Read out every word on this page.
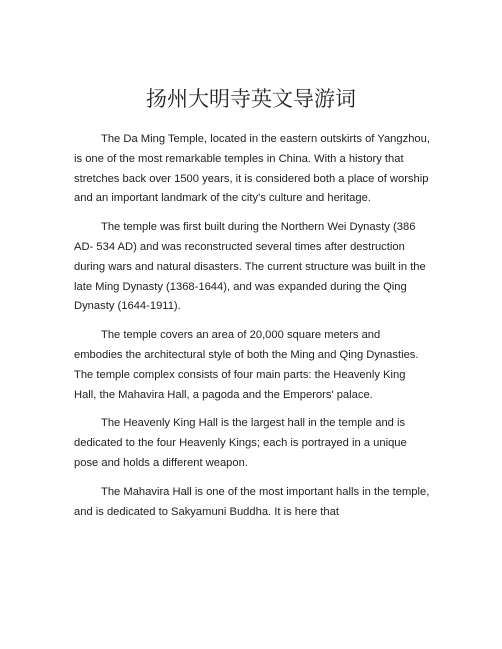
扬州大明寺英文导游词

The Da Ming Temple, located in the eastern outskirts of Yangzhou, is one of the most remarkable temples in China. With a history that stretches back over 1500 years, it is considered both a place of worship and an important landmark of the city's culture and heritage.

The temple was first built during the Northern Wei Dynasty (386 AD- 534 AD) and was reconstructed several times after destruction during wars and natural disasters. The current structure was built in the late Ming Dynasty (1368-1644), and was expanded during the Qing Dynasty (1644-1911).

The temple covers an area of 20,000 square meters and embodies the architectural style of both the Ming and Qing Dynasties. The temple complex consists of four main parts: the Heavenly King Hall, the Mahavira Hall, a pagoda and the Emperors' palace.

The Heavenly King Hall is the largest hall in the temple and is dedicated to the four Heavenly Kings; each is portrayed in a unique pose and holds a different weapon.

The Mahavira Hall is one of the most important halls in the temple, and is dedicated to Sakyamuni Buddha. It is here that
